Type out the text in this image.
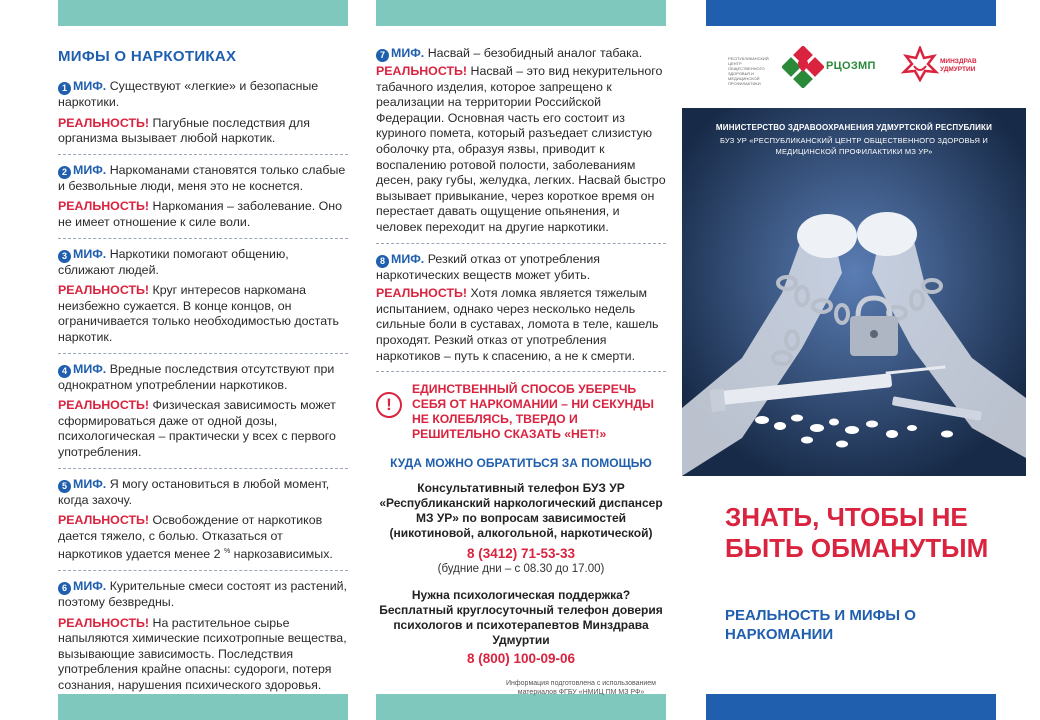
МИФЫ О НАРКОТИКАХ

1 МИФ. Существуют «легкие» и безопасные наркотики.

РЕАЛЬНОСТЬ! Пагубные последствия для организма вызывает любой наркотик.

2 МИФ. Наркоманами становятся только слабые и безвольные люди, меня это не коснется.

РЕАЛЬНОСТЬ! Наркомания – заболевание. Оно не имеет отношение к силе воли.

3 МИФ. Наркотики помогают общению, сближают людей.

РЕАЛЬНОСТЬ! Круг интересов наркомана неизбежно сужается. В конце концов, он ограничивается только необходимостью достать наркотик.

4 МИФ. Вредные последствия отсутствуют при однократном употреблении наркотиков.

РЕАЛЬНОСТЬ! Физическая зависимость может сформироваться даже от одной дозы, психологическая – практически у всех с первого употребления.

5 МИФ. Я могу остановиться в любой момент, когда захочу.

РЕАЛЬНОСТЬ! Освобождение от наркотиков дается тяжело, с болью. Отказаться от наркотиков удается менее 2 % наркозависимых.

6 МИФ. Курительные смеси состоят из растений, поэтому безвредны.

РЕАЛЬНОСТЬ! На растительное сырье напыляются химические психотропные вещества, вызывающие зависимость. Последствия употребления крайне опасны: судороги, потеря сознания, нарушения психического здоровья.

7 МИФ. Насвай – безобидный аналог табака.

РЕАЛЬНОСТЬ! Насвай – это вид некурительного табачного изделия, которое запрещено к реализации на территории Российской Федерации. Основная часть его состоит из куриного помета, который разъедает слизистую оболочку рта, образуя язвы, приводит к воспалению ротовой полости, заболеваниям десен, раку губы, желудка, легких. Насвай быстро вызывает привыкание, через короткое время он перестает давать ощущение опьянения, и человек переходит на другие наркотики.

8 МИФ. Резкий отказ от употребления наркотических веществ может убить.

РЕАЛЬНОСТЬ! Хотя ломка является тяжелым испытанием, однако через несколько недель сильные боли в суставах, ломота в теле, кашель проходят. Резкий отказ от употребления наркотиков – путь к спасению, а не к смерти.

!
ЕДИНСТВЕННЫЙ СПОСОБ УБЕРЕЧЬ СЕБЯ ОТ НАРКОМАНИИ – НИ СЕКУНДЫ НЕ КОЛЕБЛЯСЬ, ТВЕРДО И РЕШИТЕЛЬНО СКАЗАТЬ «НЕТ!»
КУДА МОЖНО ОБРАТИТЬСЯ ЗА ПОМОЩЬЮ
Консультативный телефон БУЗ УР «Республиканский наркологический диспансер МЗ УР» по вопросам зависимостей (никотиновой, алкогольной, наркотической)
8 (3412) 71-53-33
(будние дни – с 08.30 до 17.00)
Нужна психологическая поддержка? Бесплатный круглосуточный телефон доверия психологов и психотерапевтов Минздрава Удмуртии
8 (800) 100-09-06
Информация подготовлена с использованием материалов ФГБУ «НМИЦ ПМ МЗ РФ»
РЕСПУБЛИКАНСКИЙ ЦЕНТР ОБЩЕСТВЕННОГО ЗДОРОВЬЯ И МЕДИЦИНСКОЙ ПРОФИЛАКТИКИ
РЦОЗМП	МИНЗДРАВ УДМУРТИИ
МИНИСТЕРСТВО ЗДРАВООХРАНЕНИЯ УДМУРТСКОЙ РЕСПУБЛИКИ
БУЗ УР «РЕСПУБЛИКАНСКИЙ ЦЕНТР ОБЩЕСТВЕННОГО ЗДОРОВЬЯ И МЕДИЦИНСКОЙ ПРОФИЛАКТИКИ МЗ УР»
ЗНАТЬ, ЧТОБЫ НЕ БЫТЬ ОБМАНУТЫМ
РЕАЛЬНОСТЬ И МИФЫ О НАРКОМАНИИ
